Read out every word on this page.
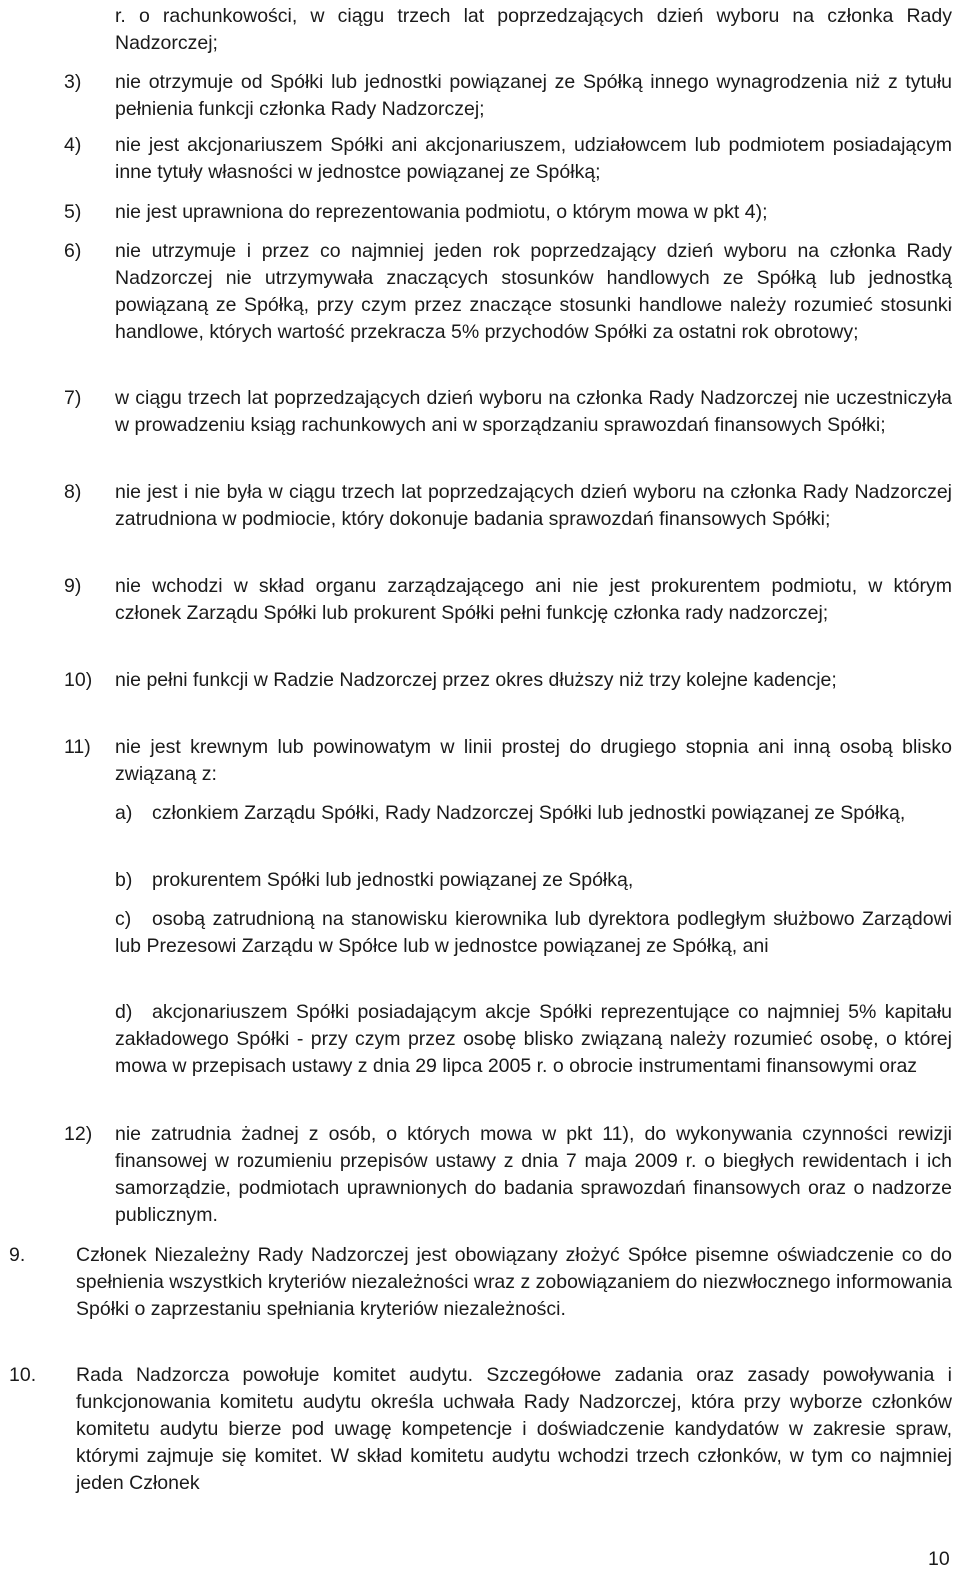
r. o rachunkowości, w ciągu trzech lat poprzedzających dzień wyboru na członka Rady Nadzorczej;
3) nie otrzymuje od Spółki lub jednostki powiązanej ze Spółką innego wynagrodzenia niż z tytułu pełnienia funkcji członka Rady Nadzorczej;
4) nie jest akcjonariuszem Spółki ani akcjonariuszem, udziałowcem lub podmiotem posiadającym inne tytuły własności w jednostce powiązanej ze Spółką;
5) nie jest uprawniona do reprezentowania podmiotu, o którym mowa w pkt 4);
6) nie utrzymuje i przez co najmniej jeden rok poprzedzający dzień wyboru na członka Rady Nadzorczej nie utrzymywała znaczących stosunków handlowych ze Spółką lub jednostką powiązaną ze Spółką, przy czym przez znaczące stosunki handlowe należy rozumieć stosunki handlowe, których wartość przekracza 5% przychodów Spółki za ostatni rok obrotowy;
7) w ciągu trzech lat poprzedzających dzień wyboru na członka Rady Nadzorczej nie uczestniczyła w prowadzeniu ksiąg rachunkowych ani w sporządzaniu sprawozdań finansowych Spółki;
8) nie jest i nie była w ciągu trzech lat poprzedzających dzień wyboru na członka Rady Nadzorczej zatrudniona w podmiocie, który dokonuje badania sprawozdań finansowych Spółki;
9) nie wchodzi w skład organu zarządzającego ani nie jest prokurentem podmiotu, w którym członek Zarządu Spółki lub prokurent Spółki pełni funkcję członka rady nadzorczej;
10) nie pełni funkcji w Radzie Nadzorczej przez okres dłuższy niż trzy kolejne kadencje;
11) nie jest krewnym lub powinowatym w linii prostej do drugiego stopnia ani inną osobą blisko związaną z:
a)	członkiem Zarządu Spółki, Rady Nadzorczej Spółki lub jednostki powiązanej ze Spółką,
b)	prokurentem Spółki lub jednostki powiązanej ze Spółką,
c)	osobą zatrudnioną na stanowisku kierownika lub dyrektora podległym służbowo Zarządowi lub Prezesowi Zarządu w Spółce lub w jednostce powiązanej ze Spółką, ani
d)	akcjonariuszem Spółki posiadającym akcje Spółki reprezentujące co najmniej 5% kapitału zakładowego Spółki - przy czym przez osobę blisko związaną należy rozumieć osobę, o której mowa w przepisach ustawy z dnia 29 lipca 2005 r. o obrocie instrumentami finansowymi oraz
12) nie zatrudnia żadnej z osób, o których mowa w pkt 11), do wykonywania czynności rewizji finansowej w rozumieniu przepisów ustawy z dnia 7 maja 2009 r. o biegłych rewidentach i ich samorządzie, podmiotach uprawnionych do badania sprawozdań finansowych oraz o nadzorze publicznym.
9.	Członek Niezależny Rady Nadzorczej jest obowiązany złożyć Spółce pisemne oświadczenie co do spełnienia wszystkich kryteriów niezależności wraz z zobowiązaniem do niezwłocznego informowania Spółki o zaprzestaniu spełniania kryteriów niezależności.
10. Rada Nadzorcza powołuje komitet audytu. Szczegółowe zadania oraz zasady powoływania i funkcjonowania komitetu audytu określa uchwała Rady Nadzorczej, która przy wyborze członków komitetu audytu bierze pod uwagę kompetencje i doświadczenie kandydatów w zakresie spraw, którymi zajmuje się komitet. W skład komitetu audytu wchodzi trzech członków, w tym co najmniej jeden Członek
10
